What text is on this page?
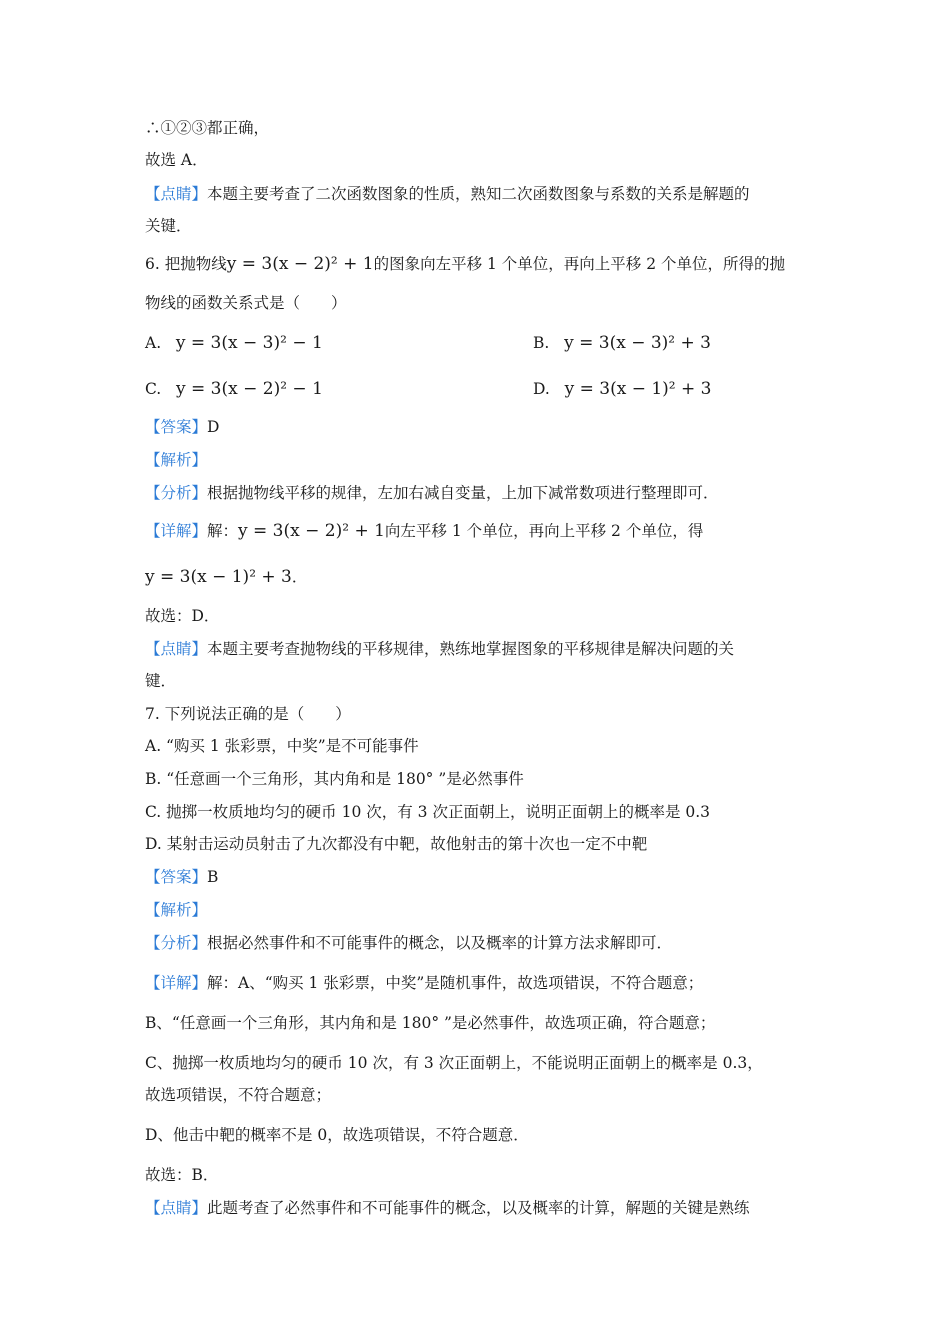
∴①②③都正确，
故选 A．
【点睛】本题主要考查了二次函数图象的性质，熟知二次函数图象与系数的关系是解题的
关键．
6. 把抛物线y = 3(x − 2)² + 1的图象向左平移 1 个单位，再向上平移 2 个单位，所得的抛
物线的函数关系式是（　　）
A. y = 3(x − 3)² − 1	B. y = 3(x − 3)² + 3
C. y = 3(x − 2)² − 1	D. y = 3(x − 1)² + 3
【答案】D
【解析】
【分析】根据抛物线平移的规律，左加右减自变量，上加下减常数项进行整理即可．
【详解】解：y = 3(x − 2)² + 1向左平移 1 个单位，再向上平移 2 个单位，得
y = 3(x − 1)² + 3．
故选：D．
【点睛】本题主要考查抛物线的平移规律，熟练地掌握图象的平移规律是解决问题的关
键．
7. 下列说法正确的是（　　）
A. “购买 1 张彩票，中奖”是不可能事件
B. “任意画一个三角形，其内角和是 180° ”是必然事件
C. 抛掷一枚质地均匀的硬币 10 次，有 3 次正面朝上，说明正面朝上的概率是 0.3
D. 某射击运动员射击了九次都没有中靶，故他射击的第十次也一定不中靶
【答案】B
【解析】
【分析】根据必然事件和不可能事件的概念，以及概率的计算方法求解即可．
【详解】解：A、“购买 1 张彩票，中奖”是随机事件，故选项错误，不符合题意；
B、“任意画一个三角形，其内角和是 180° ”是必然事件，故选项正确，符合题意；
C、抛掷一枚质地均匀的硬币 10 次，有 3 次正面朝上，不能说明正面朝上的概率是 0.3，
故选项错误，不符合题意；
D、他击中靶的概率不是 0，故选项错误，不符合题意．
故选：B．
【点睛】此题考查了必然事件和不可能事件的概念，以及概率的计算，解题的关键是熟练
